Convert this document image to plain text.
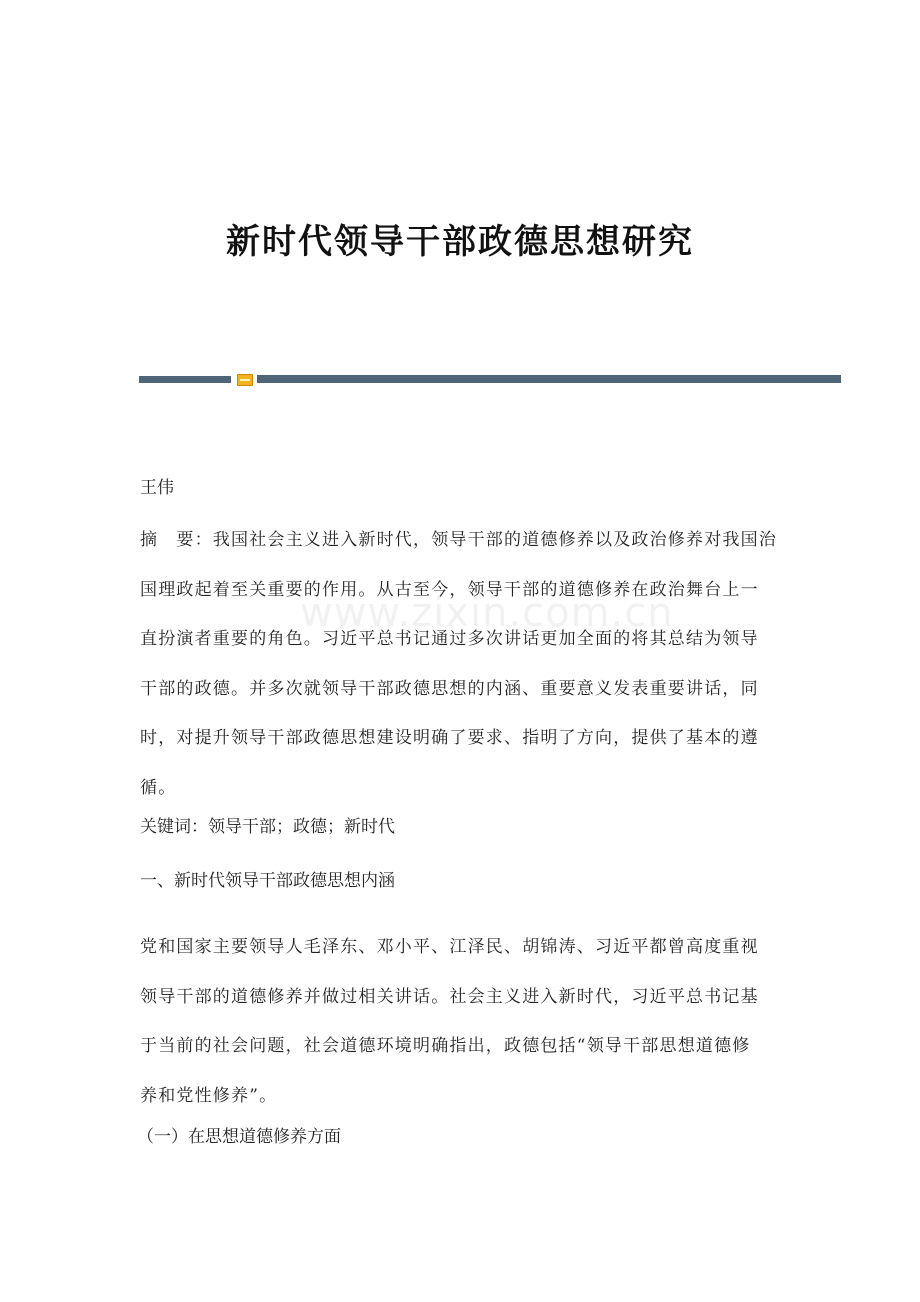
新时代领导干部政德思想研究
www.zixin.com.cn
王伟
摘　要：我国社会主义进入新时代，领导干部的道德修养以及政治修养对我国治
国理政起着至关重要的作用。从古至今，领导干部的道德修养在政治舞台上一
直扮演者重要的角色。习近平总书记通过多次讲话更加全面的将其总结为领导
干部的政德。并多次就领导干部政德思想的内涵、重要意义发表重要讲话，同
时，对提升领导干部政德思想建设明确了要求、指明了方向，提供了基本的遵
循。
关键词：领导干部；政德；新时代
一、新时代领导干部政德思想内涵
党和国家主要领导人毛泽东、邓小平、江泽民、胡锦涛、习近平都曾高度重视
领导干部的道德修养并做过相关讲话。社会主义进入新时代，习近平总书记基
于当前的社会问题，社会道德环境明确指出，政德包括“领导干部思想道德修
养和党性修养”。
（一）在思想道德修养方面
